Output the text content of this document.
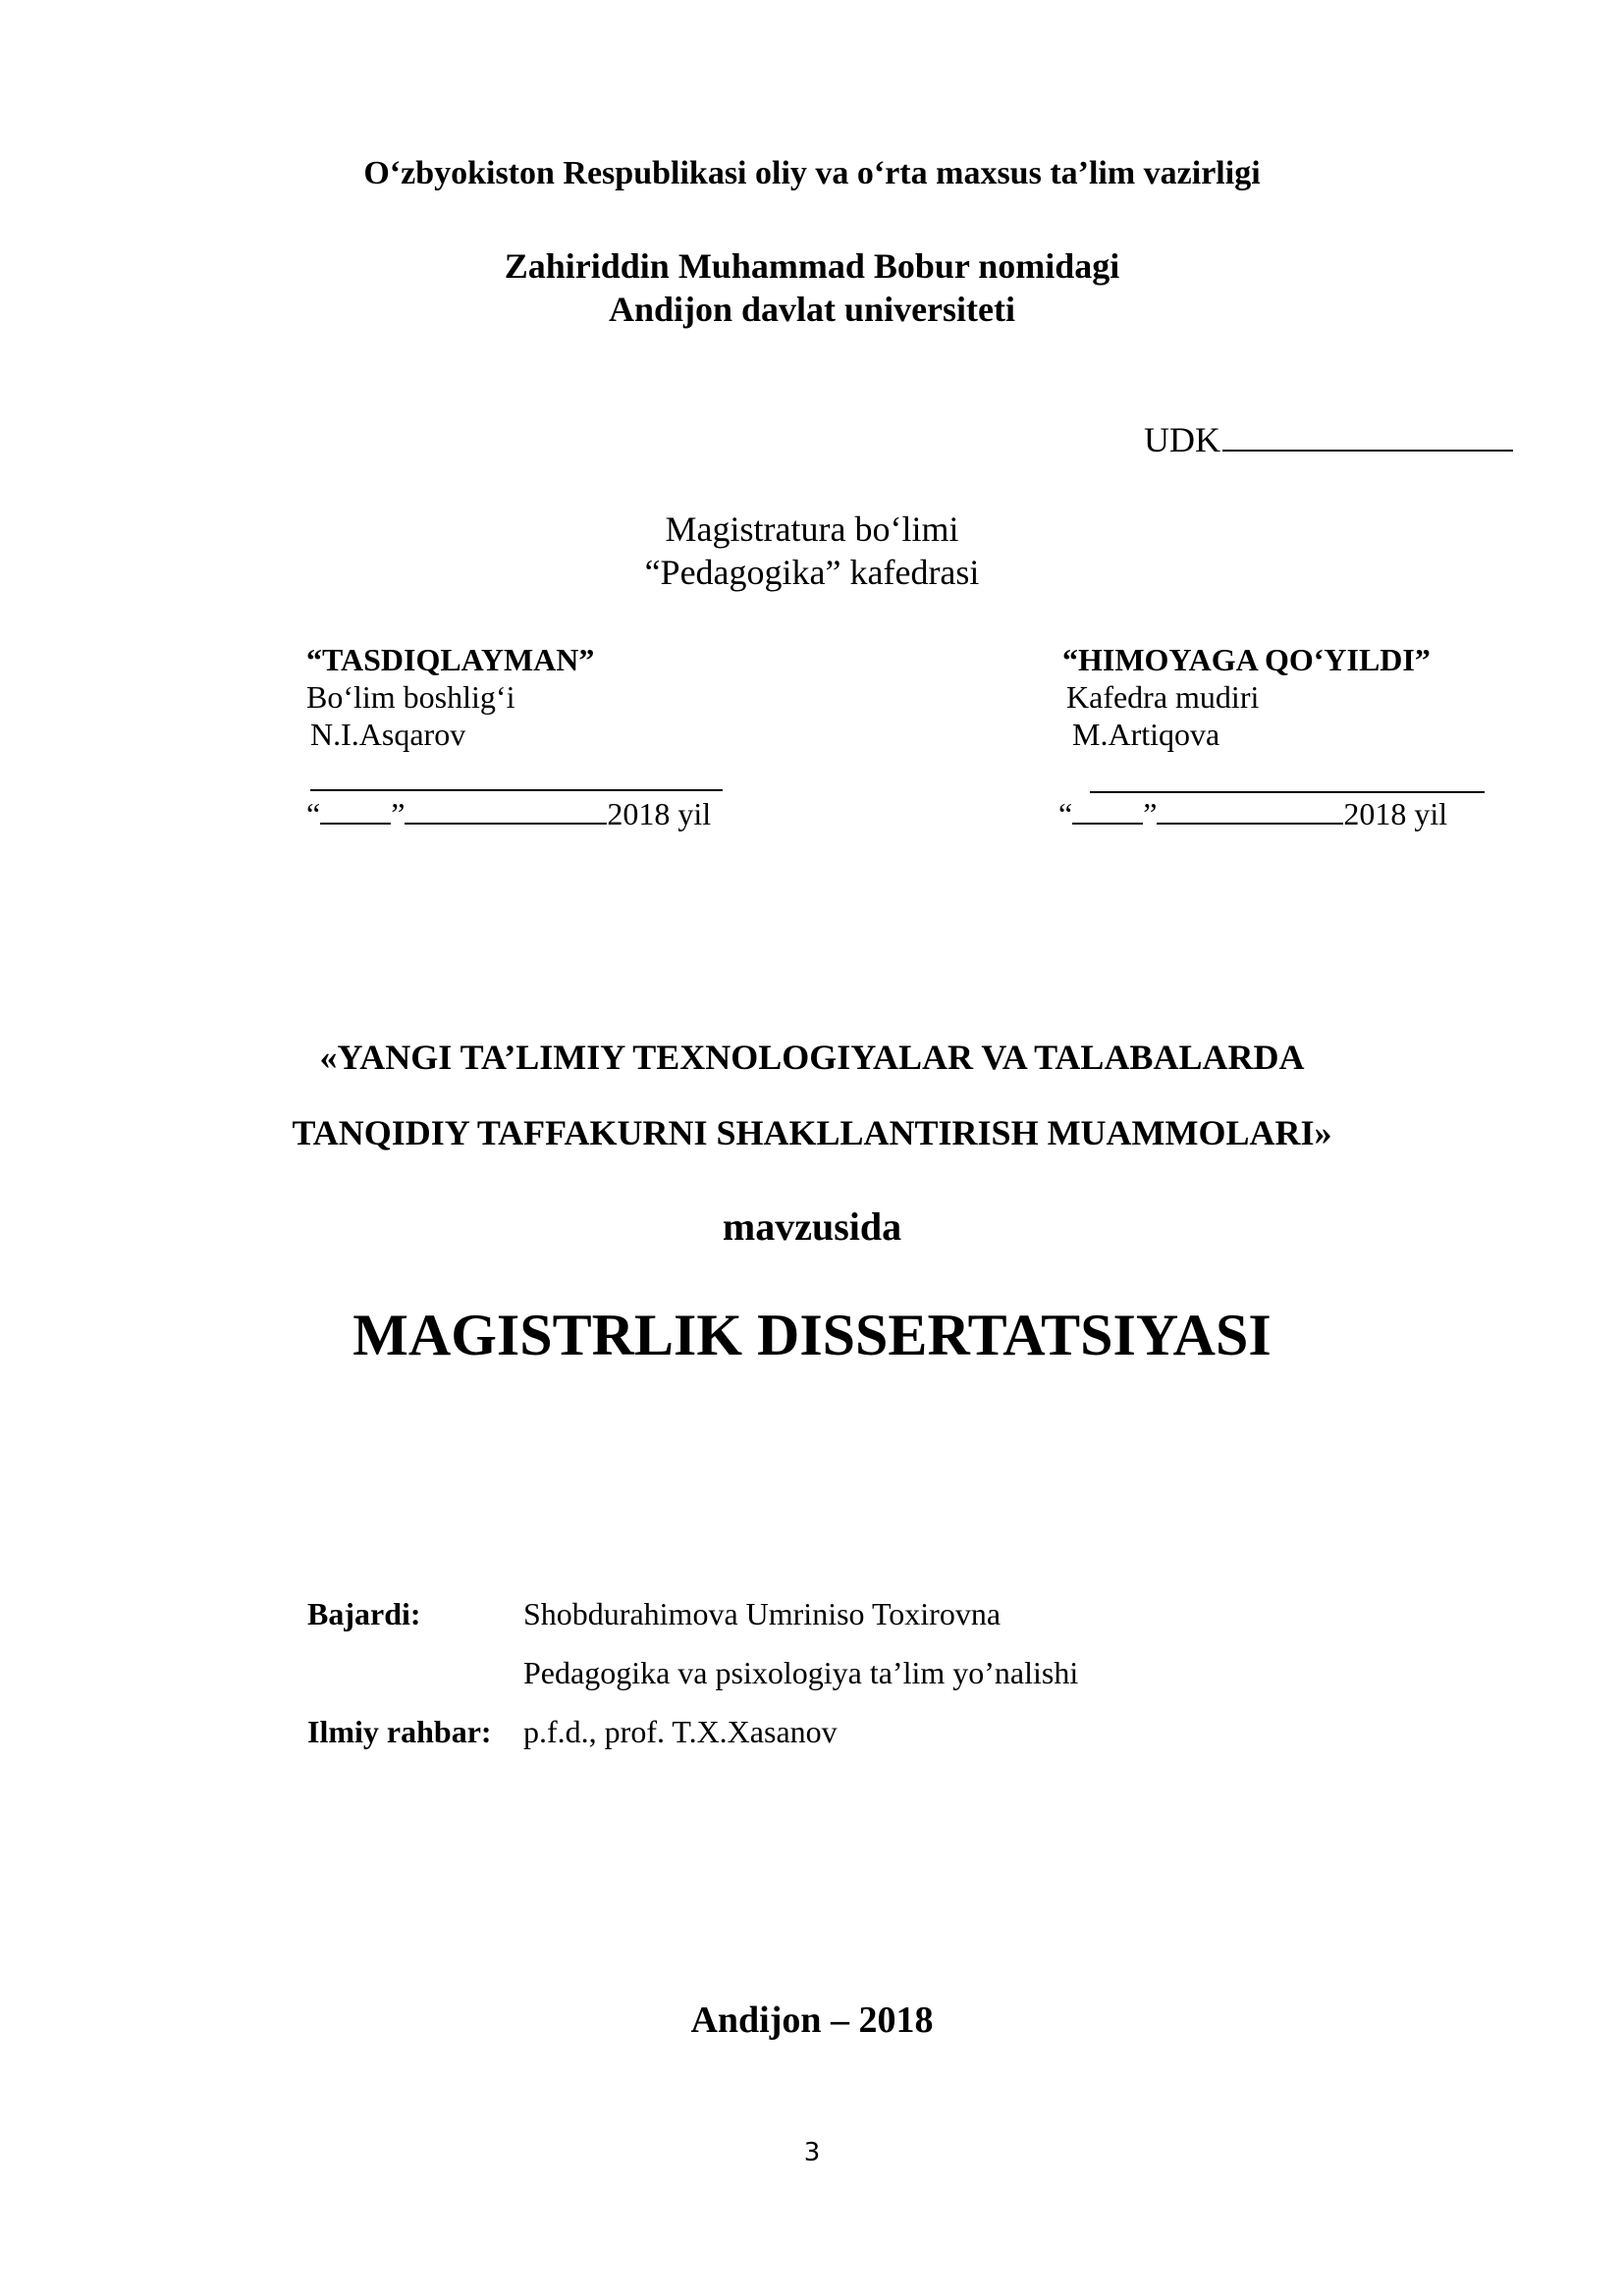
O‘zbyokiston Respublikasi oliy va o‘rta maxsus ta’lim vazirligi
Zahiriddin Muhammad Bobur nomidagi
Andijon davlat universiteti
UDK
Magistratura bo‘limi
“Pedagogika” kafedrasi
“TASDIQLAYMAN”
Bo‘lim boshlig‘i
N.I.Asqarov
“ ”	2018 yil
“HIMOYAGA QO‘YILDI”
Kafedra mudiri
M.Artiqova
“ ”	2018 yil
«YANGI TA’LIMIY TEXNOLOGIYALAR VA TALABALARDA
TANQIDIY TAFFAKURNI SHAKLLANTIRISH MUAMMOLARI»
mavzusida
MAGISTRLIK DISSERTATSIYASI
Bajardi:	Shobdurahimova Umriniso Toxirovna
Pedagogika va psixologiya ta’lim yo’nalishi
Ilmiy rahbar: p.f.d., prof. T.X.Xasanov
Andijon – 2018
3
